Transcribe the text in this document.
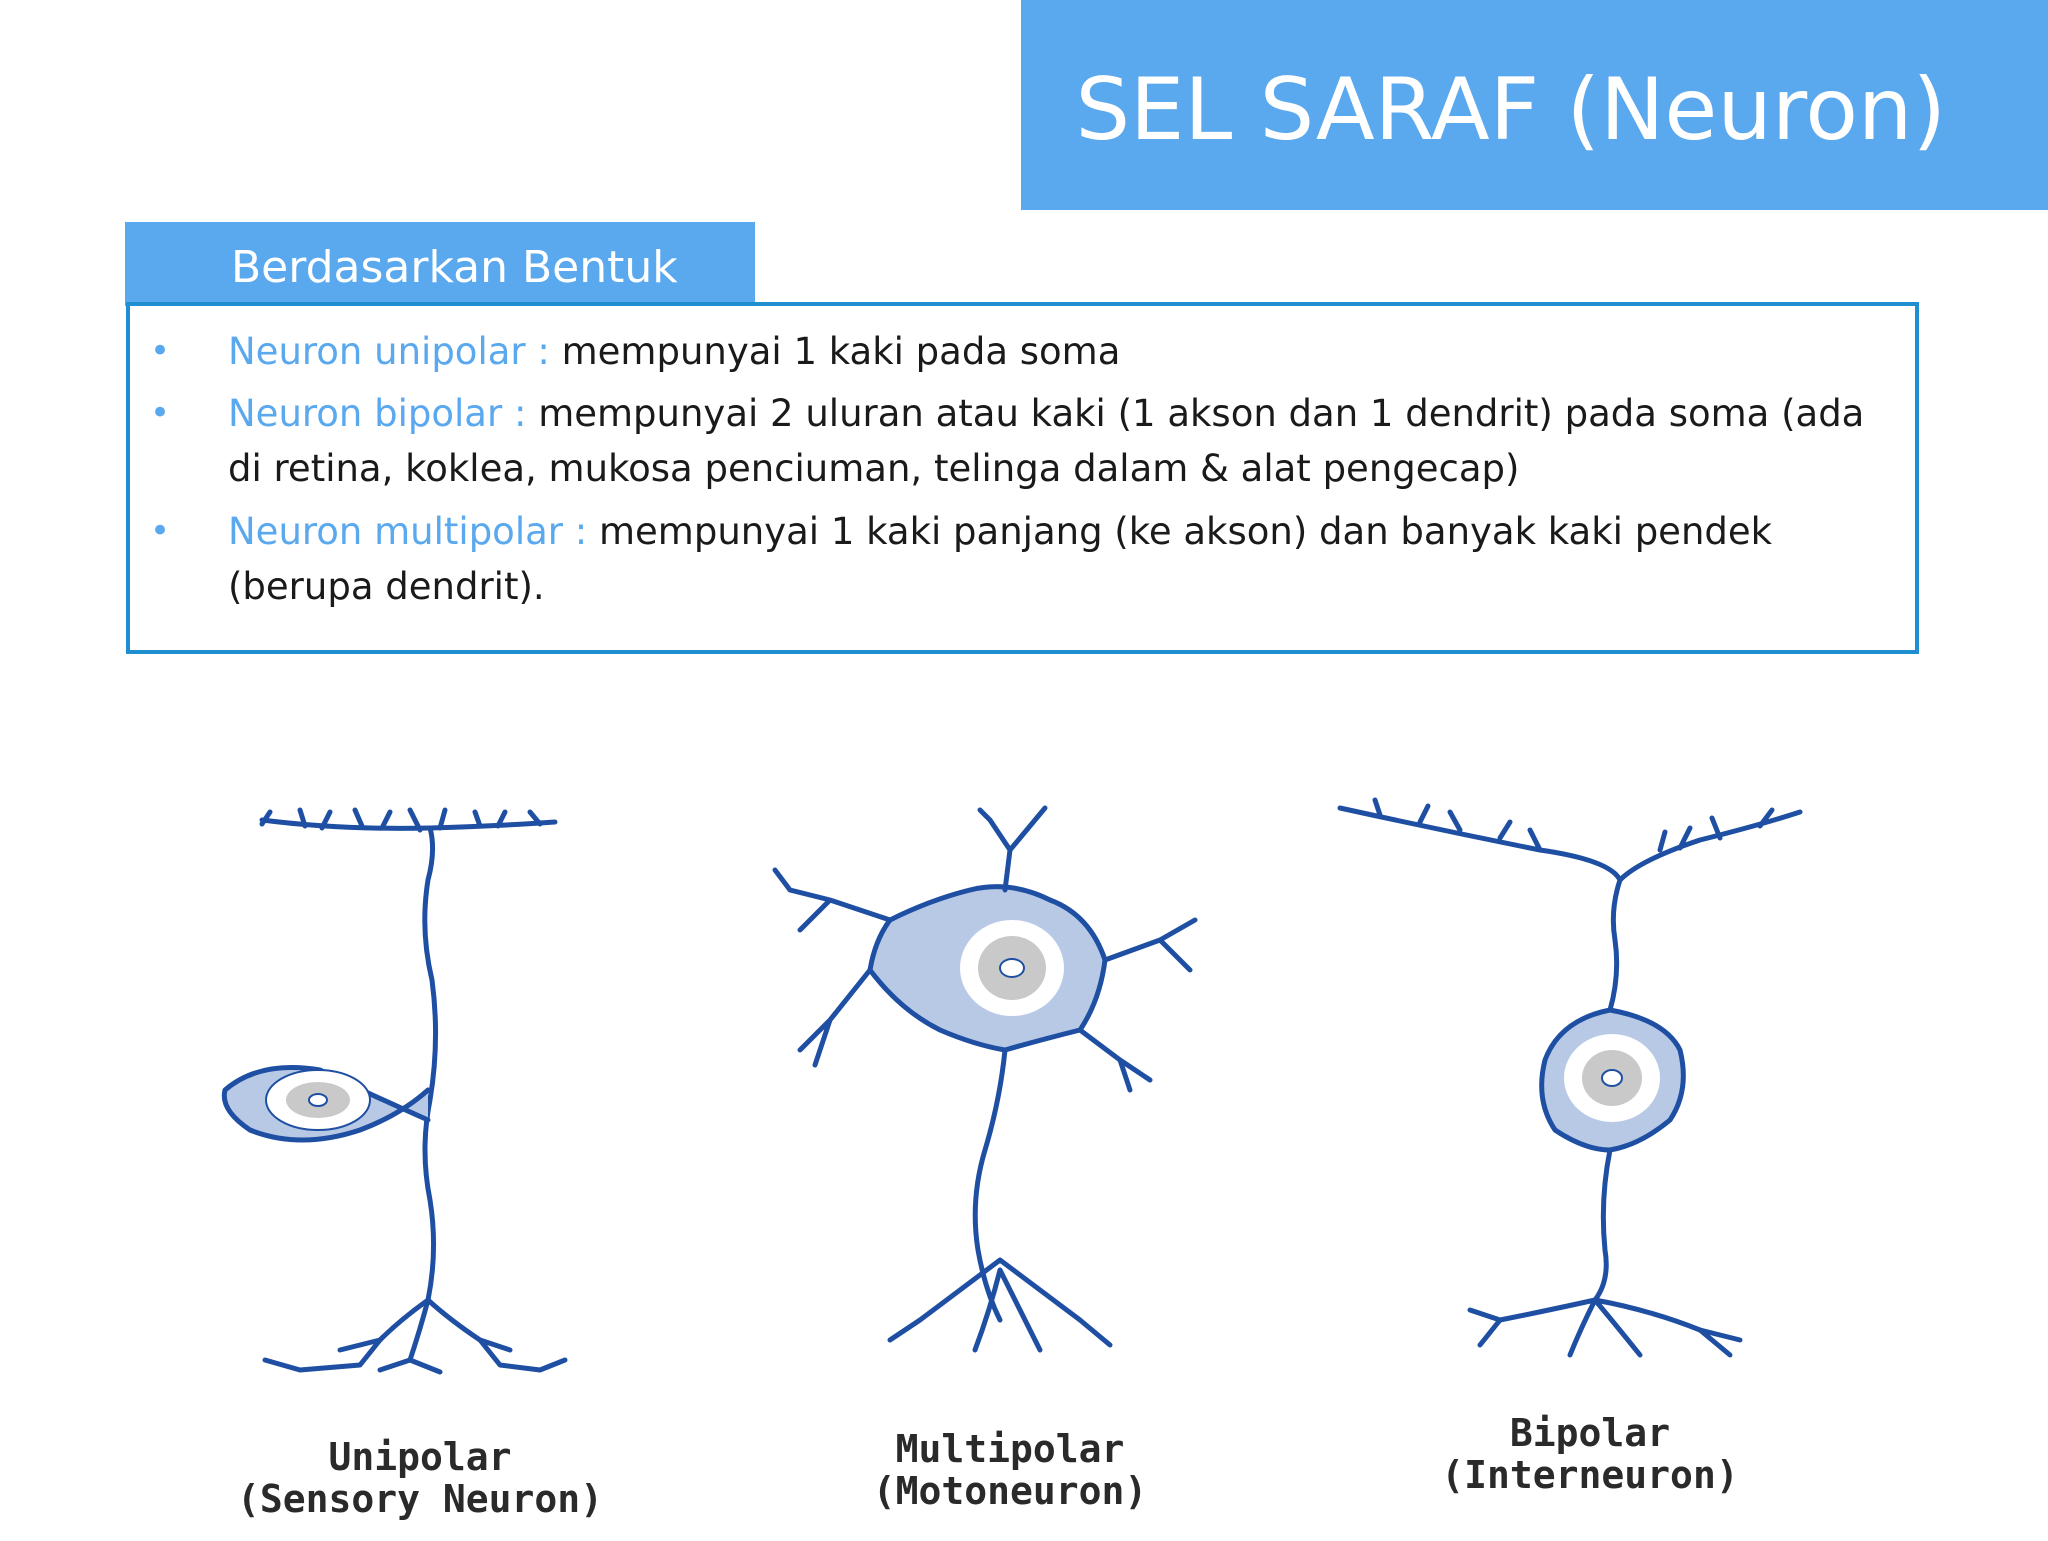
SEL SARAF (Neuron)
Berdasarkan Bentuk
• Neuron unipolar : mempunyai 1 kaki pada soma
• Neuron bipolar : mempunyai 2 uluran atau kaki (1 akson dan 1 dendrit) pada soma (ada di retina, koklea, mukosa penciuman, telinga dalam & alat pengecap)
• Neuron multipolar : mempunyai 1 kaki panjang (ke akson) dan banyak kaki pendek (berupa dendrit).
Unipolar
(Sensory Neuron)
Multipolar
(Motoneuron)
Bipolar
(Interneuron)
